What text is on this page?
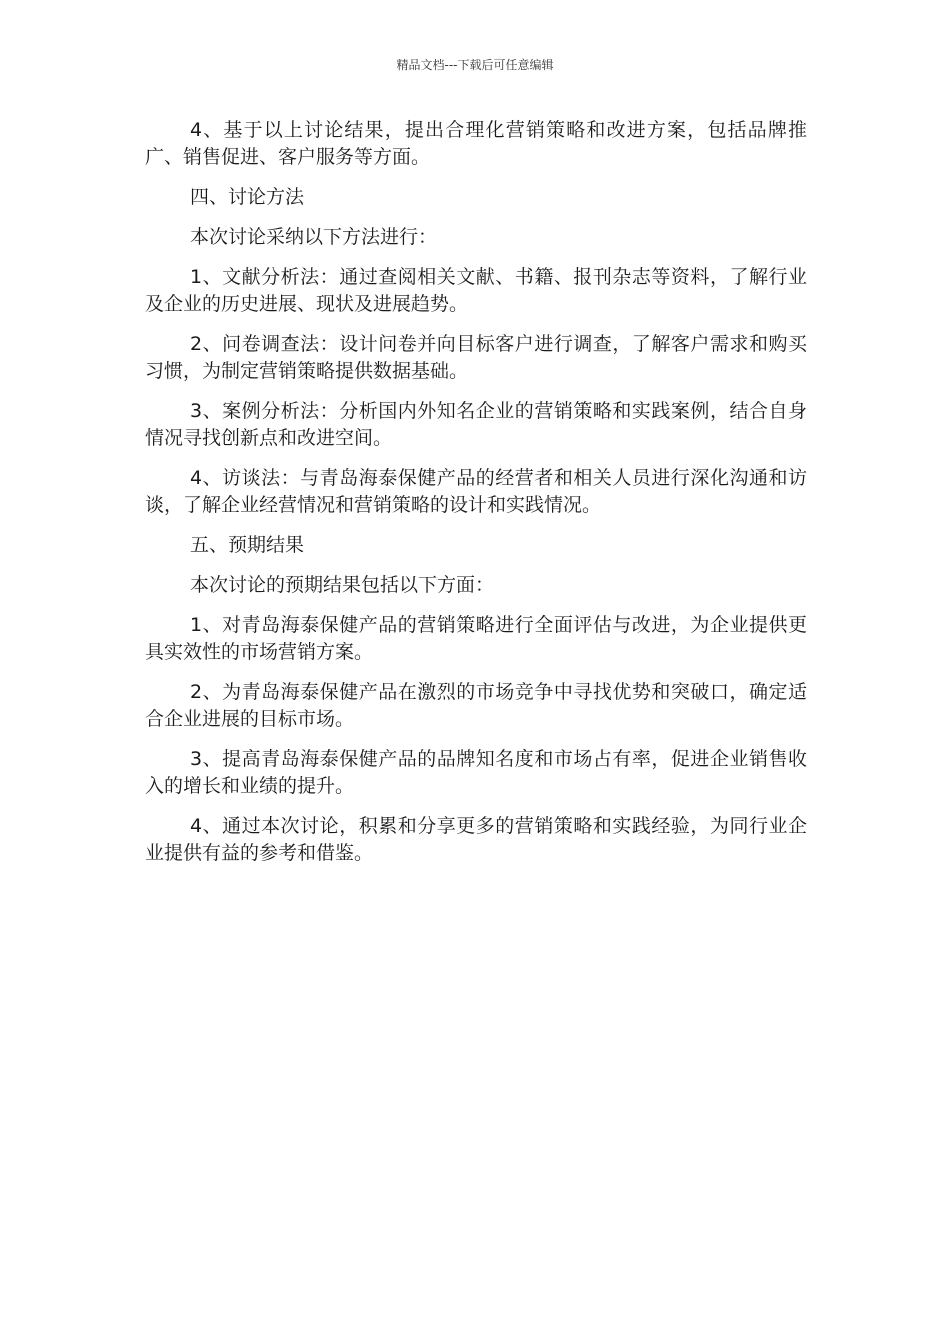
精品文档---下载后可任意编辑

4、基于以上讨论结果，提出合理化营销策略和改进方案，包括品牌推广、销售促进、客户服务等方面。

四、讨论方法

本次讨论采纳以下方法进行：

1、文献分析法：通过查阅相关文献、书籍、报刊杂志等资料，了解行业及企业的历史进展、现状及进展趋势。

2、问卷调查法：设计问卷并向目标客户进行调查，了解客户需求和购买习惯，为制定营销策略提供数据基础。

3、案例分析法：分析国内外知名企业的营销策略和实践案例，结合自身情况寻找创新点和改进空间。

4、访谈法：与青岛海泰保健产品的经营者和相关人员进行深化沟通和访谈，了解企业经营情况和营销策略的设计和实践情况。

五、预期结果

本次讨论的预期结果包括以下方面：

1、对青岛海泰保健产品的营销策略进行全面评估与改进，为企业提供更具实效性的市场营销方案。

2、为青岛海泰保健产品在激烈的市场竞争中寻找优势和突破口，确定适合企业进展的目标市场。

3、提高青岛海泰保健产品的品牌知名度和市场占有率，促进企业销售收入的增长和业绩的提升。

4、通过本次讨论，积累和分享更多的营销策略和实践经验，为同行业企业提供有益的参考和借鉴。
